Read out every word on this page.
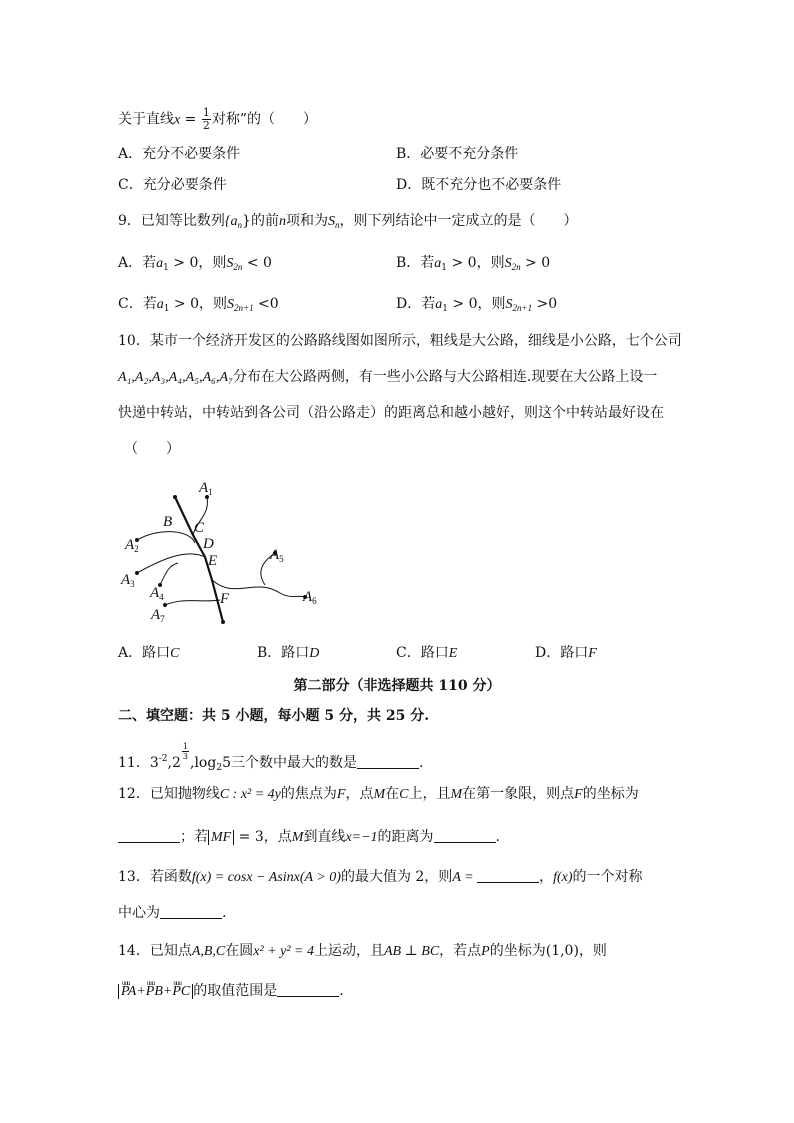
关于直线$x = \frac{1}{2}$ 对称”的（　　）
A．充分不必要条件	B．必要不充分条件
C．充分必要条件	D．既不充分也不必要条件
9．已知等比数列$\{a_n\}$的前n项和为$S_n$，则下列结论中一定成立的是（　　）
A．若$a_1 > 0$，则$S_{2n} < 0$	B．若$a_1 > 0$，则$S_{2n} > 0$
C．若$a_1 > 0$，则$S_{2n+1} <0$	D．若$a_1 > 0$，则$S_{2n+1} >0$
10．某市一个经济开发区的公路路线图如图所示，粗线是大公路，细线是小公路，七个公司
A₁,A₂,A₃,A₄,A₅,A₆,A₇分布在大公路两侧，有一些小公路与大公路相连.现要在大公路上设一
快递中转站，中转站到各公司（沿公路走）的距离总和越小越好，则这个中转站最好设在
（　　）
$A_1$
B C
D
E
$A_2$
$A_3$
$A_4$
$A_7$
F
$A_5$
$A_6$
A．路口C	B．路口D	C．路口E	D．路口F
第二部分（非选择题共 110 分）
二、填空题：共 5 小题，每小题 5 分，共 25 分.
11．$3^{-2},2$
$\frac{1}{3}$
$,\log_25$三个数中最大的数是	.
12．已知抛物线C : x² = 4y的焦点为F，点M在C上，且M在第一象限，则点F的坐标为
；若 MF = 3，点M到直线x=−1的距离为	.
13．若函数f(x) = cosx − Asinx(A > 0)的最大值为 2，则A =	，f(x)的一个对称
中心为	.
14．已知点A,B,C在圆x² + y² = 4上运动，且AB ⊥ BC，若点P的坐标为(1,0)，则
uuu PA+uuu PB+uuu PC 的取值范围是	.
